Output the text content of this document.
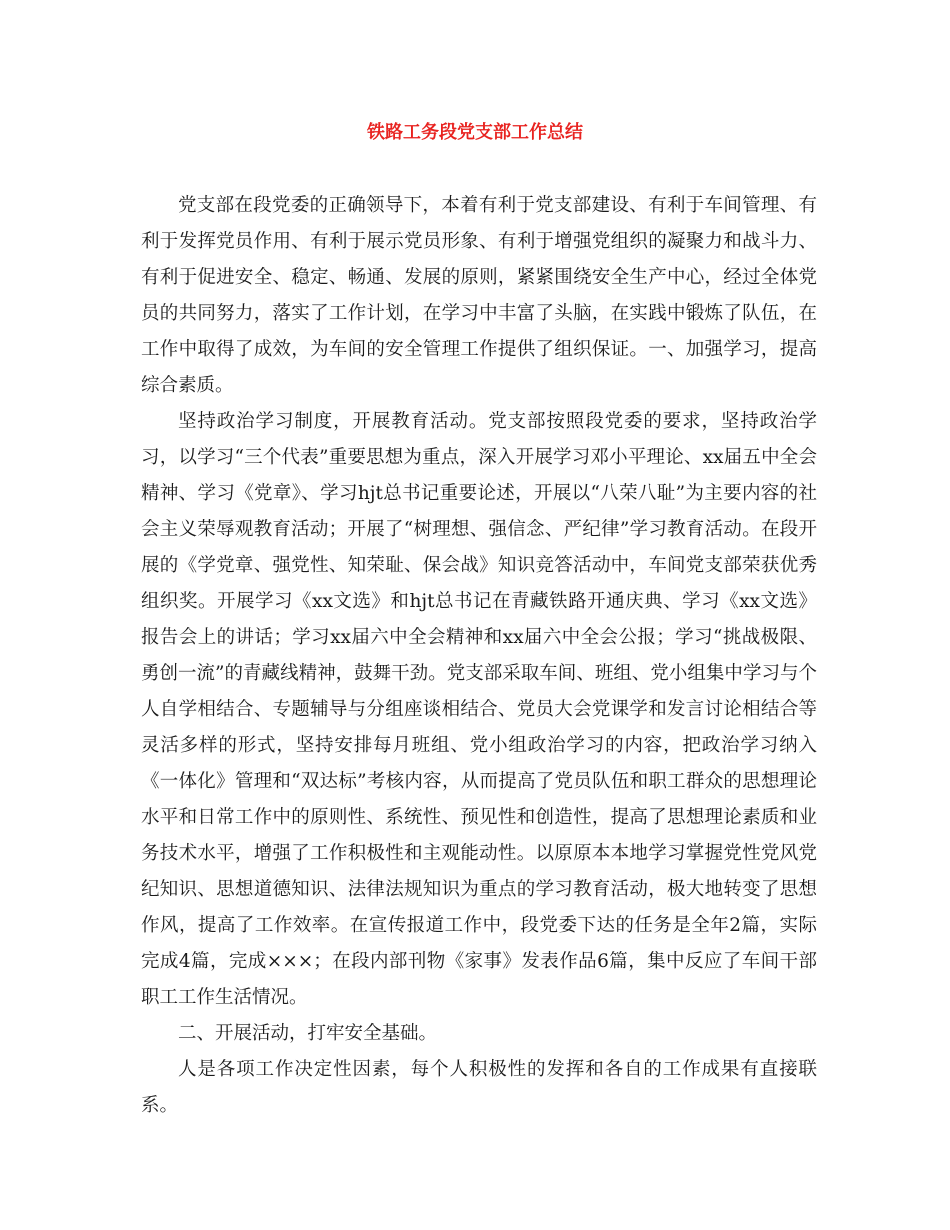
铁路工务段党支部工作总结

党支部在段党委的正确领导下，本着有利于党支部建设、有利于车间管理、有利于发挥党员作用、有利于展示党员形象、有利于增强党组织的凝聚力和战斗力、有利于促进安全、稳定、畅通、发展的原则，紧紧围绕安全生产中心，经过全体党员的共同努力，落实了工作计划，在学习中丰富了头脑，在实践中锻炼了队伍，在工作中取得了成效，为车间的安全管理工作提供了组织保证。一、加强学习，提高综合素质。

坚持政治学习制度，开展教育活动。党支部按照段党委的要求，坚持政治学习，以学习“三个代表”重要思想为重点，深入开展学习邓小平理论、xx届五中全会精神、学习《党章》、学习hjt总书记重要论述，开展以“八荣八耻”为主要内容的社会主义荣辱观教育活动；开展了“树理想、强信念、严纪律”学习教育活动。在段开展的《学党章、强党性、知荣耻、保会战》知识竞答活动中，车间党支部荣获优秀组织奖。开展学习《xx文选》和hjt总书记在青藏铁路开通庆典、学习《xx文选》报告会上的讲话；学习xx届六中全会精神和xx届六中全会公报；学习“挑战极限、勇创一流”的青藏线精神，鼓舞干劲。党支部采取车间、班组、党小组集中学习与个人自学相结合、专题辅导与分组座谈相结合、党员大会党课学和发言讨论相结合等灵活多样的形式，坚持安排每月班组、党小组政治学习的内容，把政治学习纳入《一体化》管理和“双达标”考核内容，从而提高了党员队伍和职工群众的思想理论水平和日常工作中的原则性、系统性、预见性和创造性，提高了思想理论素质和业务技术水平，增强了工作积极性和主观能动性。以原原本本地学习掌握党性党风党纪知识、思想道德知识、法律法规知识为重点的学习教育活动，极大地转变了思想作风，提高了工作效率。在宣传报道工作中，段党委下达的任务是全年2篇，实际完成4篇，完成×××；在段内部刊物《家事》发表作品6篇，集中反应了车间干部职工工作生活情况。

二、开展活动，打牢安全基础。

人是各项工作决定性因素，每个人积极性的发挥和各自的工作成果有直接联系。
